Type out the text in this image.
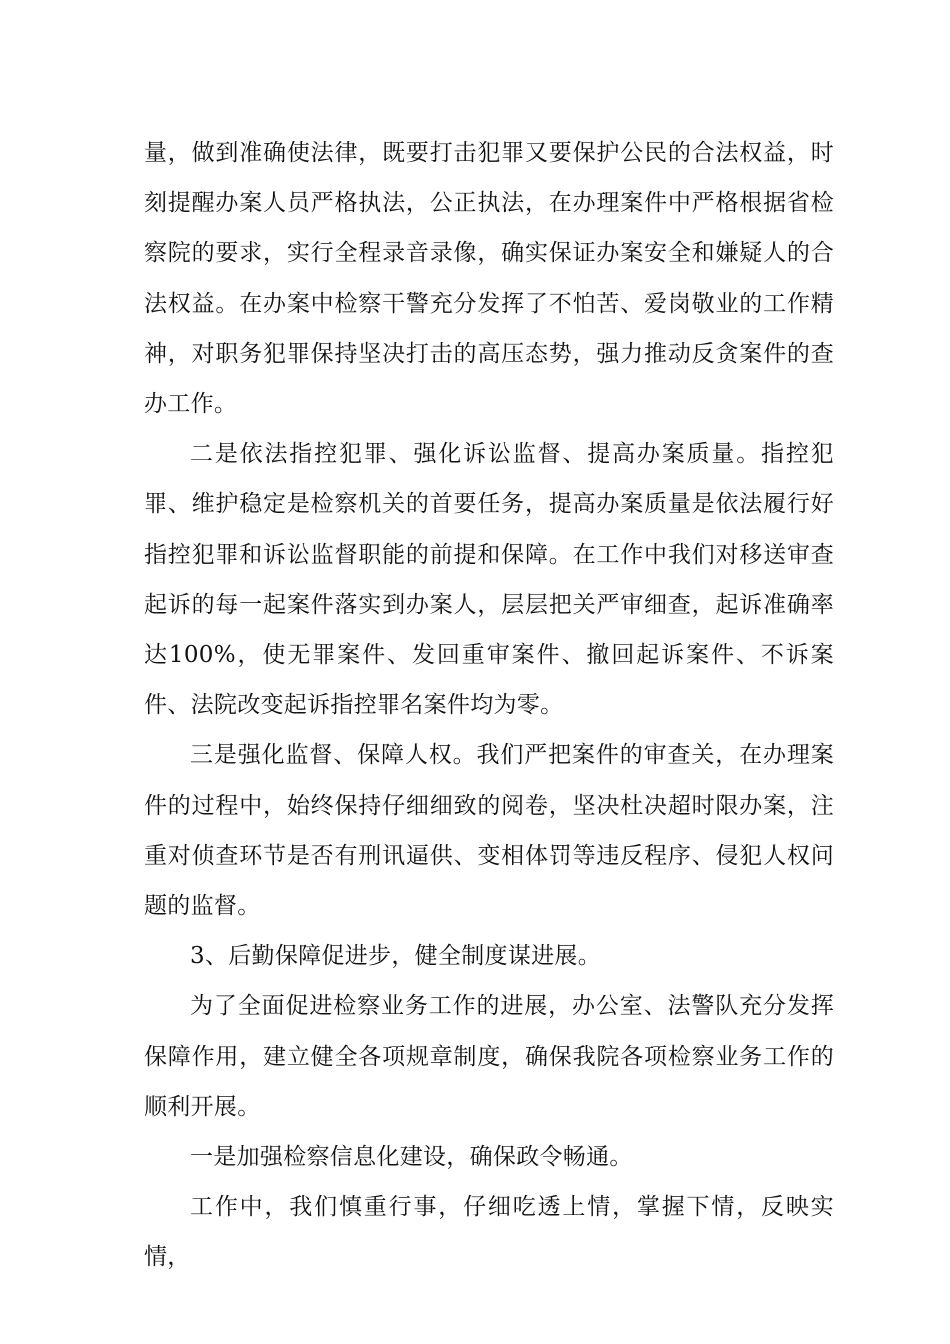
量，做到准确使法律，既要打击犯罪又要保护公民的合法权益，时刻提醒办案人员严格执法，公正执法，在办理案件中严格根据省检察院的要求，实行全程录音录像，确实保证办案安全和嫌疑人的合法权益。在办案中检察干警充分发挥了不怕苦、爱岗敬业的工作精神，对职务犯罪保持坚决打击的高压态势，强力推动反贪案件的查办工作。

二是依法指控犯罪、强化诉讼监督、提高办案质量。指控犯罪、维护稳定是检察机关的首要任务，提高办案质量是依法履行好指控犯罪和诉讼监督职能的前提和保障。在工作中我们对移送审查起诉的每一起案件落实到办案人，层层把关严审细查，起诉准确率达100%，使无罪案件、发回重审案件、撤回起诉案件、不诉案件、法院改变起诉指控罪名案件均为零。

三是强化监督、保障人权。我们严把案件的审查关，在办理案件的过程中，始终保持仔细细致的阅卷，坚决杜决超时限办案，注重对侦查环节是否有刑讯逼供、变相体罚等违反程序、侵犯人权问题的监督。

3、后勤保障促进步，健全制度谋进展。

为了全面促进检察业务工作的进展，办公室、法警队充分发挥保障作用，建立健全各项规章制度，确保我院各项检察业务工作的顺利开展。

一是加强检察信息化建设，确保政令畅通。

工作中，我们慎重行事，仔细吃透上情，掌握下情，反映实情，
